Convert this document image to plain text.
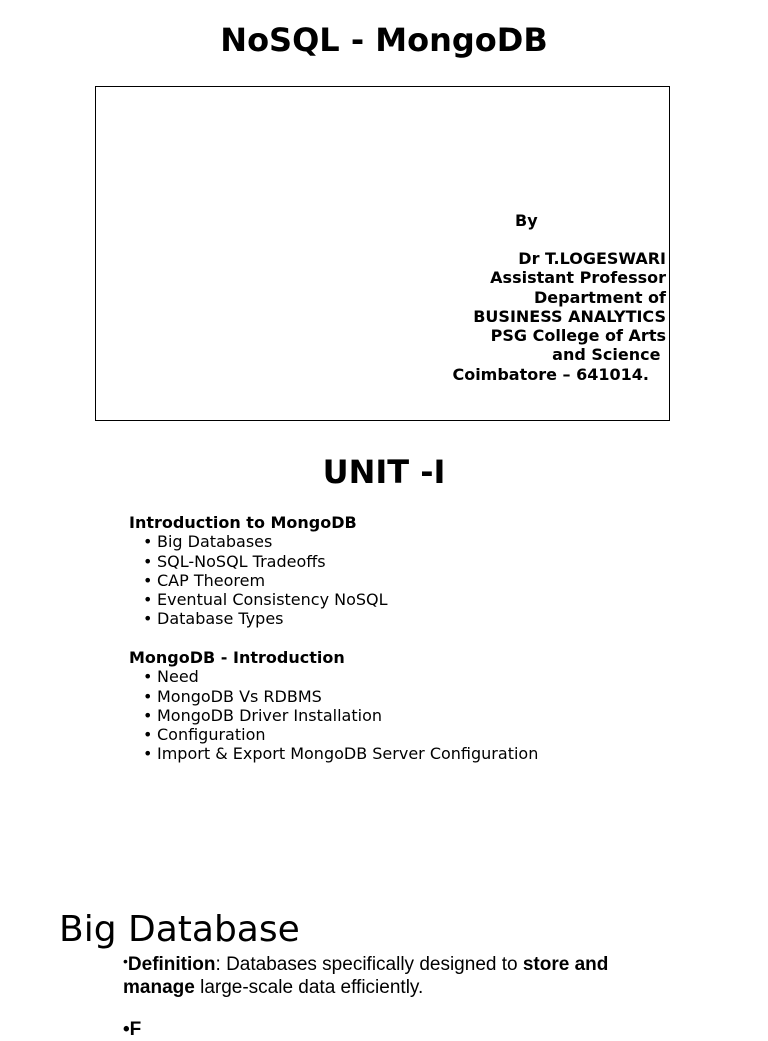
NoSQL - MongoDB
By
Dr T.LOGESWARI
Assistant Professor
Department of
BUSINESS ANALYTICS
PSG College of Arts
and Science
Coimbatore – 641014.
UNIT -I

Introduction to MongoDB

• Big Databases
• SQL-NoSQL Tradeoffs
• CAP Theorem
• Eventual Consistency NoSQL
• Database Types

MongoDB - Introduction

• Need
• MongoDB Vs RDBMS
• MongoDB Driver Installation
• Configuration
• Import & Export MongoDB Server Configuration
Big Database
•Definition: Databases specifically designed to store and manage large-scale data efficiently.
•F
